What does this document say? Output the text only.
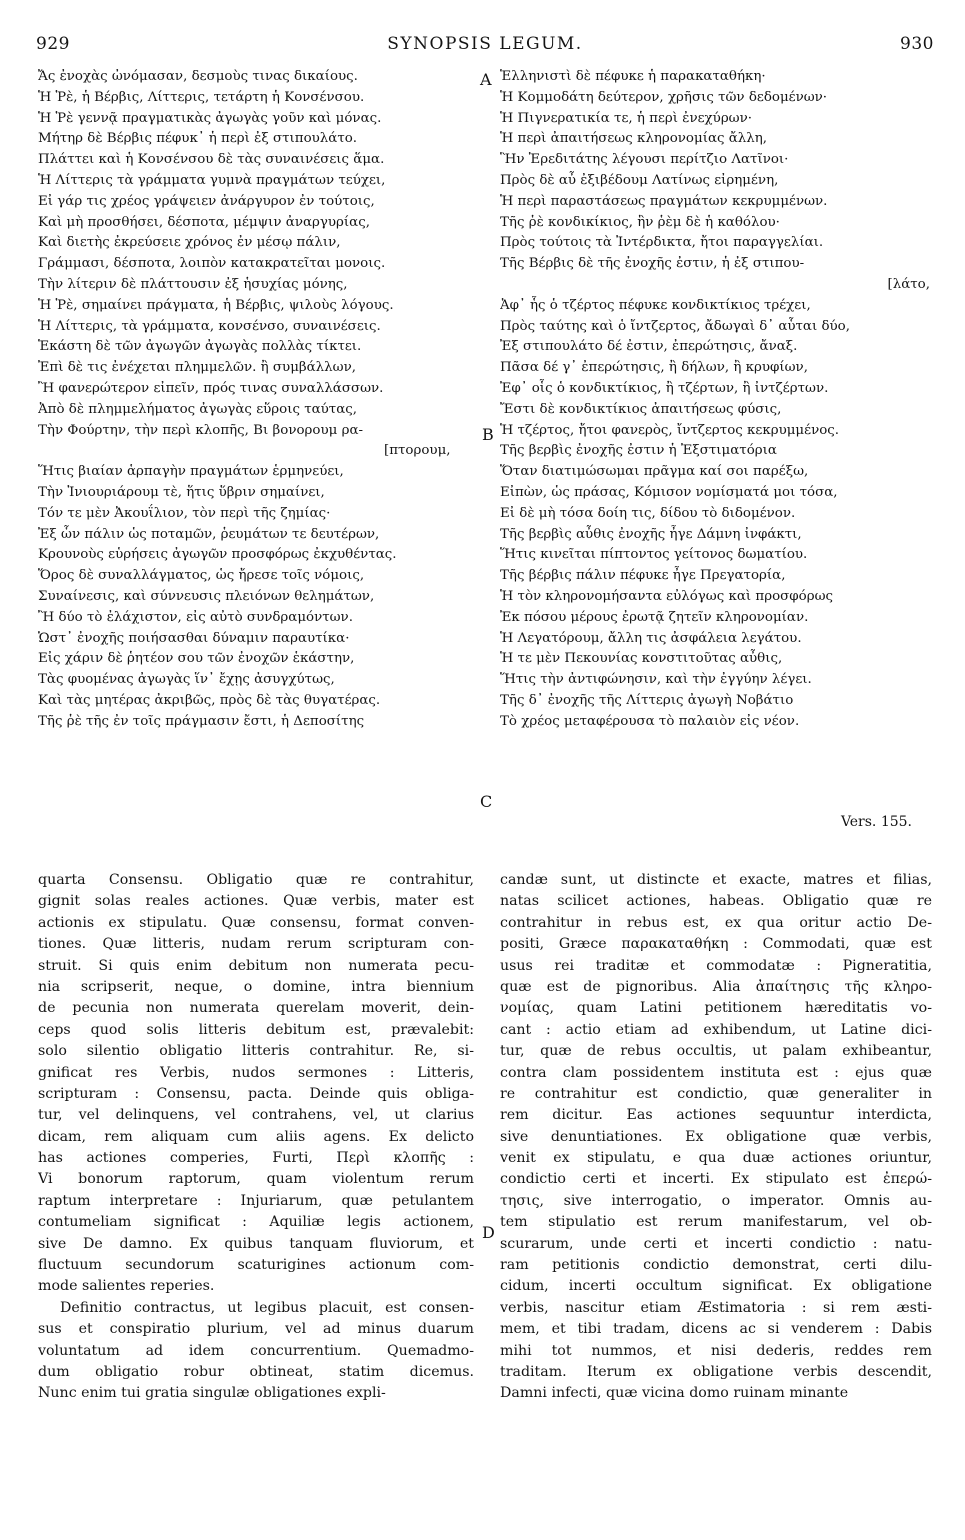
929	SYNOPSIS LEGUM.	930
A
B
C
D
Ἄς ἐνοχὰς ὠνόμασαν, δεσμοὺς τινας δικαίους.
Ἡ Ῥὲ, ἡ Βέρβις, Λίττερις, τετάρτη ἡ Κονσένσου.
Ἡ Ῥὲ γεννᾷ πραγματικὰς ἀγωγὰς γοῦν καὶ μόνας.
Μήτηρ δὲ Βέρβις πέφυκ᾽ ἡ περὶ ἐξ στιπουλάτο.
Πλάττει καὶ ἡ Κονσένσου δὲ τὰς συναινέσεις ἅμα.
Ἡ Λίττερις τὰ γράμματα γυμνὰ πραγμάτων τεύχει,
Εἰ γάρ τις χρέος γράψειεν ἀνάργυρον ἐν τούτοις,
Καὶ μὴ προσθήσει, δέσποτα, μέμψιν ἀναργυρίας,
Καὶ διετὴς ἐκρεύσειε χρόνος ἐν μέσῳ πάλιν,
Γράμμασι, δέσποτα, λοιπὸν κατακρατεῖται μονοις.
Τὴν λίτεριν δὲ πλάττουσιν ἐξ ἡσυχίας μόνης,
Ἡ Ῥὲ, σημαίνει πράγματα, ἡ Βέρβις, ψιλοὺς λόγους.
Ἡ Λίττερις, τὰ γράμματα, κονσένσο, συναινέσεις.
Ἑκάστη δὲ τῶν ἀγωγῶν ἀγωγὰς πολλὰς τίκτει.
Ἐπὶ δὲ τις ἐνέχεται πλημμελῶν. ἢ συμβάλλων,
Ἢ φανερώτερον εἰπεῖν, πρός τινας συναλλάσσων.
Ἀπὸ δὲ πλημμελήματος ἀγωγὰς εὕροις ταύτας,
Τὴν Φούρτην, τὴν περὶ κλοπῆς, Βι βονορουμ ρα-
[πτορουμ,
Ἥτις βιαίαν ἁρπαγὴν πραγμάτων ἑρμηνεύει,
Τὴν Ἰνιουριάρουμ τὲ, ἥτις ὕβριν σημαίνει,
Τόν τε μὲν Ἀκουΐλιον, τὸν περὶ τῆς ζημίας·
Ἐξ ὧν πάλιν ὡς ποταμῶν, ῥευμάτων τε δευτέρων,
Κρουνοὺς εὑρήσεις ἀγωγῶν προσφόρως ἐκχυθέντας.
Ὅρος δὲ συναλλάγματος, ὡς ἤρεσε τοῖς νόμοις,
Συναίνεσις, καὶ σύννευσις πλειόνων θελημάτων,
Ἢ δύο τὸ ἐλάχιστον, εἰς αὐτὸ συνδραμόντων.
Ὡστ᾽ ἐνοχῆς ποιήσασθαι δύναμιν παραυτίκα·
Εἰς χάριν δὲ ῥητέον σου τῶν ἐνοχῶν ἑκάστην,
Τὰς φυομένας ἀγωγὰς ἵν᾽ ἔχῃς ἀσυγχύτως,
Καὶ τὰς μητέρας ἀκριβῶς, πρὸς δὲ τὰς θυγατέρας.
Τῆς ῥὲ τῆς ἐν τοῖς πράγμασιν ἔστι, ἡ Δεποσίτης
Ἑλληνιστὶ δὲ πέφυκε ἡ παρακαταθήκη·
Ἡ Κομμοδάτη δεύτερον, χρῆσις τῶν δεδομένων·
Ἡ Πιγνερατικία τε, ἡ περὶ ἐνεχύρων·
Ἡ περὶ ἀπαιτήσεως κληρονομίας ἄλλη,
Ἣν Ἐρεδιτάτης λέγουσι περίτζιο Λατῖνοι·
Πρὸς δὲ αὖ ἐξιβέδουμ Λατίνως εἰρημένη,
Ἡ περὶ παραστάσεως πραγμάτων κεκρυμμένων.
Τῆς ῥὲ κονδικίκιος, ἣν ῥὲμ δὲ ἡ καθόλου·
Πρὸς τούτοις τὰ Ἰντέρδικτα, ἤτοι παραγγελίαι.
Τῆς Βέρβις δὲ τῆς ἐνοχῆς ἐστιν, ἡ ἐξ στιπου-
[λάτο,
Ἀφ᾽ ἧς ὁ τζέρτος πέφυκε κονδικτίκιος τρέχει,
Πρὸς ταύτης καὶ ὁ ἴντζερτος, ἄδωγαὶ δ᾽ αὗται δύο,
Ἐξ στιπουλάτο δέ ἐστιν, ἐπερώτησις, ἄναξ.
Πᾶσα δέ γ᾽ ἐπερώτησις, ἢ δήλων, ἢ κρυφίων,
Ἐφ᾽ οἷς ὁ κονδικτίκιος, ἢ τζέρτων, ἢ ἰντζέρτων.
Ἔστι δὲ κονδικτίκιος ἀπαιτήσεως φύσις,
Ἡ τζέρτος, ἤτοι φανερὸς, ἴντζερτος κεκρυμμένος.
Τῆς βερβὶς ἐνοχῆς ἐστιν ἡ Ἐξστιματόρια
Ὅταν διατιμώσωμαι πρᾶγμα καί σοι παρέξω,
Εἰπὼν, ὡς πράσας, Κόμισον νομίσματά μοι τόσα,
Εἰ δὲ μὴ τόσα δοίη τις, δίδου τὸ διδομένον.
Τῆς βερβὶς αὖθις ἐνοχῆς ἦγε Δάμνη ἰνφάκτι,
Ἥτις κινεῖται πίπτοντος γείτονος δωματίου.
Τῆς βέρβις πάλιν πέφυκε ἦγε Πρεγατορία,
Ἡ τὸν κληρονομήσαντα εὐλόγως καὶ προσφόρως
Ἐκ πόσου μέρους ἐρωτᾷ ζητεῖν κληρονομίαν.
Ἡ Λεγατόρουμ, ἄλλη τις ἀσφάλεια λεγάτου.
Ἡ τε μὲν Πεκουνίας κονστιτοῦτας αὖθις,
Ἥτις τὴν ἀντιφώνησιν, καὶ τὴν ἐγγύην λέγει.
Τῆς δ᾽ ἐνοχῆς τῆς Λίττερις ἀγωγὴ Νοβάτιο
Τὸ χρέος μεταφέρουσα τὸ παλαιὸν εἰς νέον.
Vers. 155.
quarta Consensu. Obligatio quæ re contrahitur,
gignit solas reales actiones. Quæ verbis, mater est
actionis ex stipulatu. Quæ consensu, format conven-
tiones. Quæ litteris, nudam rerum scripturam con-
struit. Si quis enim debitum non numerata pecu-
nia scripserit, neque, o domine, intra biennium
de pecunia non numerata querelam moverit, dein-
ceps quod solis litteris debitum est, prævalebit:
solo silentio obligatio litteris contrahitur. Re, si-
gnificat res Verbis, nudos sermones : Litteris,
scripturam : Consensu, pacta. Deinde quis obliga-
tur, vel delinquens, vel contrahens, vel, ut clarius
dicam, rem aliquam cum aliis agens. Ex delicto
has actiones comperies, Furti, Περὶ κλοπῆς :
Vi bonorum raptorum, quam violentum rerum
raptum interpretare : Injuriarum, quæ petulantem
contumeliam significat : Aquiliæ legis actionem,
sive De damno. Ex quibus tanquam fluviorum, et
fluctuum secundorum scaturigines actionum com-
mode salientes reperies.
Definitio contractus, ut legibus placuit, est consen-
sus et conspiratio plurium, vel ad minus duarum
voluntatum ad idem concurrentium. Quemadmo-
dum obligatio robur obtineat, statim dicemus.
Nunc enim tui gratia singulæ obligationes expli-
candæ sunt, ut distincte et exacte, matres et filias,
natas scilicet actiones, habeas. Obligatio quæ re
contrahitur in rebus est, ex qua oritur actio De-
positi, Græce παρακαταθήκη : Commodati, quæ est
usus rei traditæ et commodatæ : Pigneratitia,
quæ est de pignoribus. Alia ἀπαίτησις τῆς κληρο-
νομίας, quam Latini petitionem hæreditatis vo-
cant : actio etiam ad exhibendum, ut Latine dici-
tur, quæ de rebus occultis, ut palam exhibeantur,
contra clam possidentem instituta est : ejus quæ
re contrahitur est condictio, quæ generaliter in
rem dicitur. Eas actiones sequuntur interdicta,
sive denuntiationes. Ex obligatione quæ verbis,
venit ex stipulatu, e qua duæ actiones oriuntur,
condictio certi et incerti. Ex stipulato est ἐπερώ-
τησις, sive interrogatio, o imperator. Omnis au-
tem stipulatio est rerum manifestarum, vel ob-
scurarum, unde certi et incerti condictio : natu-
ram petitionis condictio demonstrat, certi dilu-
cidum, incerti occultum significat. Ex obligatione
verbis, nascitur etiam Æstimatoria : si rem æsti-
mem, et tibi tradam, dicens ac si venderem : Dabis
mihi tot nummos, et nisi dederis, reddes rem
traditam. Iterum ex obligatione verbis descendit,
Damni infecti, quæ vicina domo ruinam minante
